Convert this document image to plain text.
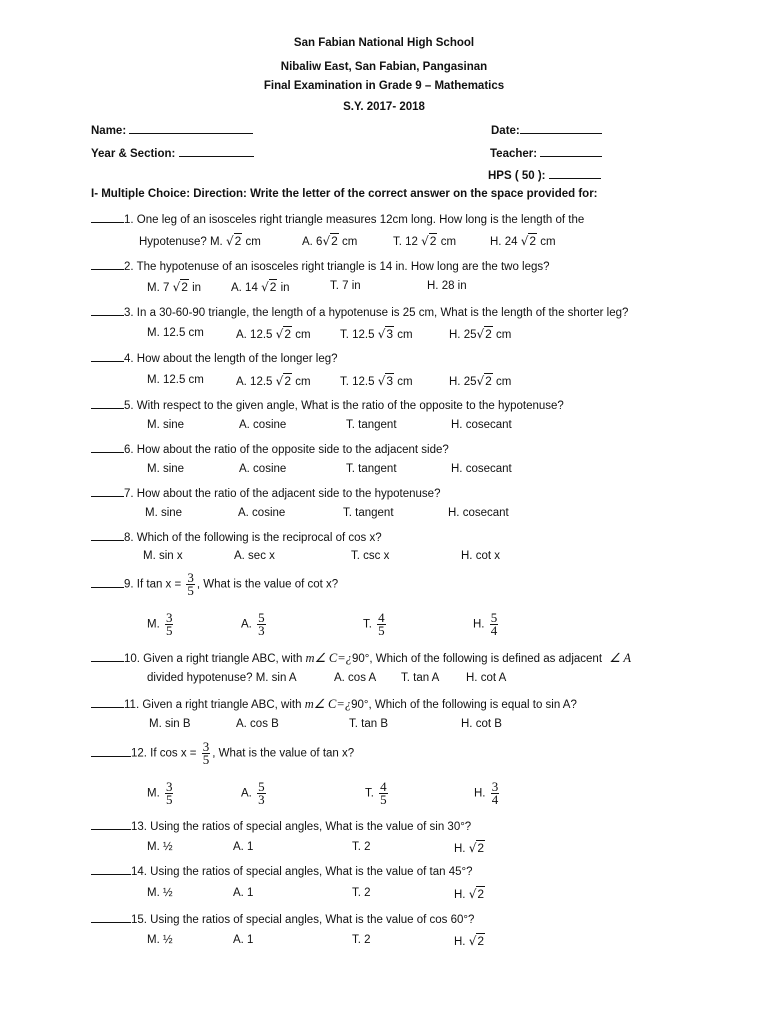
San Fabian National High School
Nibaliw East, San Fabian, Pangasinan
Final Examination in Grade 9 – Mathematics
S.Y. 2017- 2018
Name:	Date:
Year & Section:	Teacher:
HPS ( 50 ):
I- Multiple Choice: Direction: Write the letter of the correct answer on the space provided for:
1. One leg of an isosceles right triangle measures 12cm long. How long is the length of the
Hypotenuse? M. √2 cm	A. 6√2 cm	T. 12 √2 cm	H. 24 √2 cm
2. The hypotenuse of an isosceles right triangle is 14 in. How long are the two legs?
M. 7 √2 in	A. 14 √2 in	T. 7 in	H. 28 in
3. In a 30-60-90 triangle, the length of a hypotenuse is 25 cm, What is the length of the shorter leg?
M. 12.5 cm	A. 12.5 √2 cm	T. 12.5 √3 cm	H. 25√2 cm
4. How about the length of the longer leg?
M. 12.5 cm	A. 12.5 √2 cm	T. 12.5 √3 cm	H. 25√2 cm
5. With respect to the given angle, What is the ratio of the opposite to the hypotenuse?
M. sine	A. cosine	T. tangent	H. cosecant
6. How about the ratio of the opposite side to the adjacent side?
M. sine	A. cosine	T. tangent	H. cosecant
7. How about the ratio of the adjacent side to the hypotenuse?
M. sine	A. cosine	T. tangent	H. cosecant
8. Which of the following is the reciprocal of cos x?
M. sin x	A. sec x	T. csc x	H. cot x
9. If $\tan x = \frac{3}{5}$ , What is the value of cot x?
M. $\frac{3}{5}$	A. $\frac{5}{3}$	T. $\frac{4}{5}$	H. $\frac{5}{4}$
10. Given a right triangle ABC, with m∠ C=¿90°, Which of the following is defined as adjacent ∠ A
divided hypotenuse? M. sin A	A. cos A T. tan A H. cot A
11. Given a right triangle ABC, with m∠ C=¿90°, Which of the following is equal to sin A?
M. sin B	A. cos B	T. tan B	H. cot B
12. If $\cos x = \frac{3}{5}$ , What is the value of tan x?
M. $\frac{3}{5}$	A. $\frac{5}{3}$	T. $\frac{4}{5}$	H. $\frac{3}{4}$
13. Using the ratios of special angles, What is the value of sin 30°?
M. ½	A. 1	T. 2	H. √2
14. Using the ratios of special angles, What is the value of tan 45°?
M. ½	A. 1	T. 2	H. √2
15. Using the ratios of special angles, What is the value of cos 60°?
M. ½	A. 1	T. 2	H. √2
